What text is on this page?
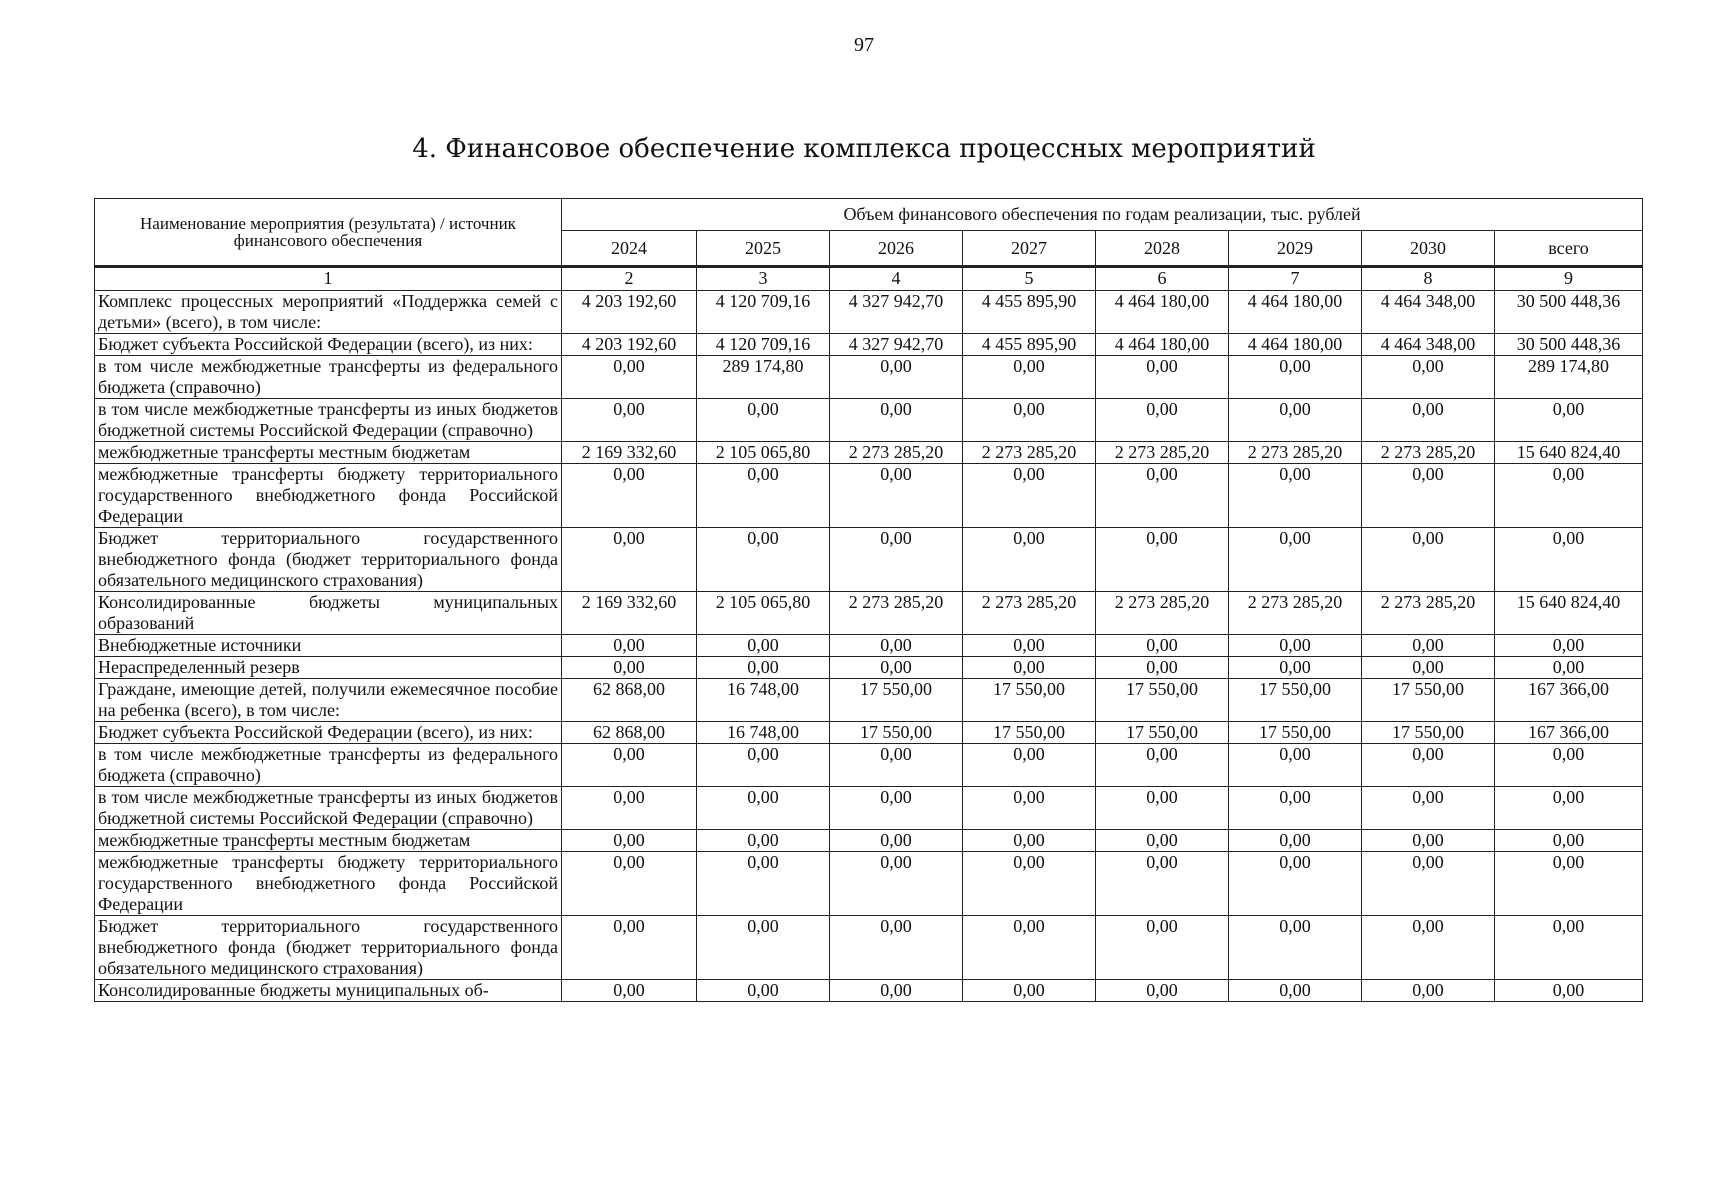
97
4. Финансовое обеспечение комплекса процессных мероприятий
Наименование мероприятия (результата) / источник финансового обеспечения	Объем финансового обеспечения по годам реализации, тыс. рублей							
	2024	2025	2026	2027	2028	2029	2030	всего
1	2	3	4	5	6	7	8	9
Комплекс процессных мероприятий «Поддержка семей с детьми» (всего), в том числе:	4 203 192,60	4 120 709,16	4 327 942,70	4 455 895,90	4 464 180,00	4 464 180,00	4 464 348,00	30 500 448,36
Бюджет субъекта Российской Федерации (всего), из них:	4 203 192,60	4 120 709,16	4 327 942,70	4 455 895,90	4 464 180,00	4 464 180,00	4 464 348,00	30 500 448,36
в том числе межбюджетные трансферты из федерального бюджета (справочно)	0,00	289 174,80	0,00	0,00	0,00	0,00	0,00	289 174,80
в том числе межбюджетные трансферты из иных бюджетов бюджетной системы Российской Федерации (справочно)	0,00	0,00	0,00	0,00	0,00	0,00	0,00	0,00
межбюджетные трансферты местным бюджетам	2 169 332,60	2 105 065,80	2 273 285,20	2 273 285,20	2 273 285,20	2 273 285,20	2 273 285,20	15 640 824,40
межбюджетные трансферты бюджету территориального государственного внебюджетного фонда Российской Федерации	0,00	0,00	0,00	0,00	0,00	0,00	0,00	0,00
Бюджет территориального государственного внебюджетного фонда (бюджет территориального фонда обязательного медицинского страхования)	0,00	0,00	0,00	0,00	0,00	0,00	0,00	0,00
Консолидированные бюджеты муниципальных образований	2 169 332,60	2 105 065,80	2 273 285,20	2 273 285,20	2 273 285,20	2 273 285,20	2 273 285,20	15 640 824,40
Внебюджетные источники	0,00	0,00	0,00	0,00	0,00	0,00	0,00	0,00
Нераспределенный резерв	0,00	0,00	0,00	0,00	0,00	0,00	0,00	0,00
Граждане, имеющие детей, получили ежемесячное пособие на ребенка (всего), в том числе:	62 868,00	16 748,00	17 550,00	17 550,00	17 550,00	17 550,00	17 550,00	167 366,00
Бюджет субъекта Российской Федерации (всего), из них:	62 868,00	16 748,00	17 550,00	17 550,00	17 550,00	17 550,00	17 550,00	167 366,00
в том числе межбюджетные трансферты из федерального бюджета (справочно)	0,00	0,00	0,00	0,00	0,00	0,00	0,00	0,00
в том числе межбюджетные трансферты из иных бюджетов бюджетной системы Российской Федерации (справочно)	0,00	0,00	0,00	0,00	0,00	0,00	0,00	0,00
межбюджетные трансферты местным бюджетам	0,00	0,00	0,00	0,00	0,00	0,00	0,00	0,00
межбюджетные трансферты бюджету территориального государственного внебюджетного фонда Российской Федерации	0,00	0,00	0,00	0,00	0,00	0,00	0,00	0,00
Бюджет территориального государственного внебюджетного фонда (бюджет территориального фонда обязательного медицинского страхования)	0,00	0,00	0,00	0,00	0,00	0,00	0,00	0,00
Консолидированные бюджеты муниципальных об-	0,00	0,00	0,00	0,00	0,00	0,00	0,00	0,00
